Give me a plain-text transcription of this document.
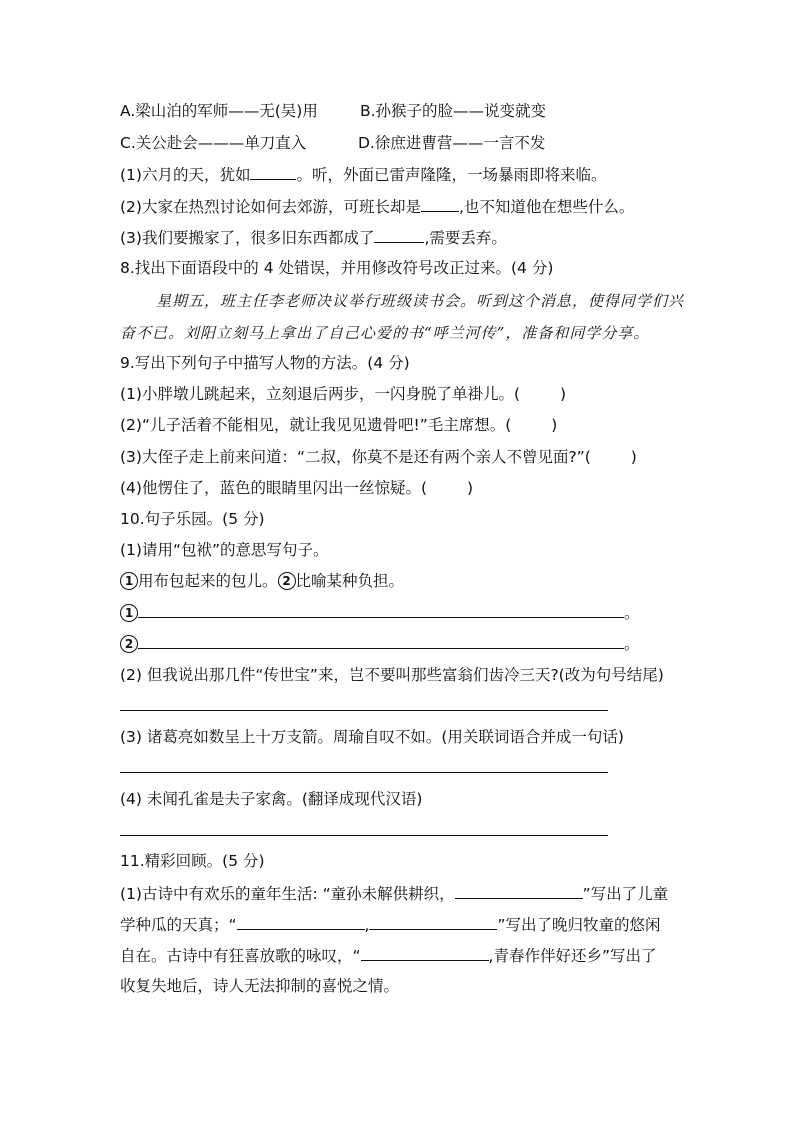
A.梁山泊的军师——无(吴)用	B.孙猴子的脸——说变就变
C.关公赴会———单刀直入	D.徐庶进曹营——一言不发
(1)六月的天，犹如	。听，外面已雷声隆隆，一场暴雨即将来临。
(2)大家在热烈讨论如何去郊游，可班长却是 ,也不知道他在想些什么。
(3)我们要搬家了，很多旧东西都成了	,需要丢弃。
8.找出下面语段中的 4 处错误，并用修改符号改正过来。(4 分)
星期五，班主任李老师决议举行班级读书会。听到这个消息，使得同学们兴
奋不已。刘阳立刻马上拿出了自己心爱的书“呼兰河传”，准备和同学分享。
9.写出下列句子中描写人物的方法。(4 分)
(1)小胖墩儿跳起来，立刻退后两步，一闪身脱了单褂儿。(	)
(2)“儿子活着不能相见，就让我见见遗骨吧!”毛主席想。(	)
(3)大侄子走上前来问道：“二叔，你莫不是还有两个亲人不曾见面?”(	)
(4)他愣住了，蓝色的眼睛里闪出一丝惊疑。(	)
10.句子乐园。(5 分)
(1)请用“包袱”的意思写句子。
1 用布包起来的包儿。 2 比喻某种负担。
1	。
2	。
(2) 但我说出那几件“传世宝”来，岂不要叫那些富翁们齿冷三天?(改为句号结尾)
(3) 诸葛亮如数呈上十万支箭。周瑜自叹不如。(用关联词语合并成一句话)
(4) 未闻孔雀是夫子家禽。(翻译成现代汉语)
11.精彩回顾。(5 分)
(1)古诗中有欢乐的童年生活: “童孙未解供耕织，	”写出了儿童
学种瓜的天真；“	,	”写出了晚归牧童的悠闲
自在。古诗中有狂喜放歌的咏叹，“	,青春作伴好还乡”写出了
收复失地后，诗人无法抑制的喜悦之情。
